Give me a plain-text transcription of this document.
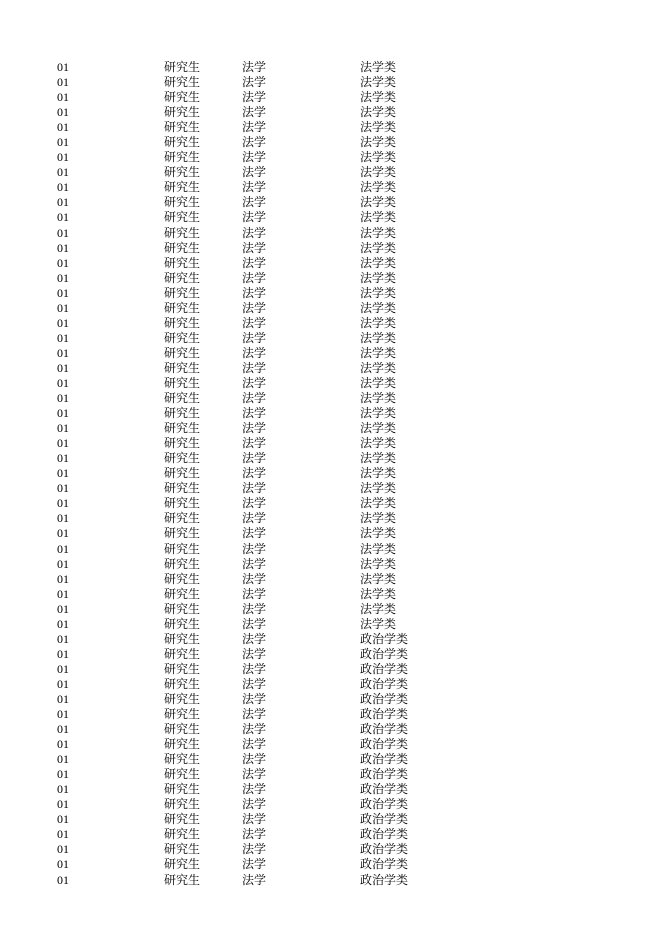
01	研究生	法学	法学类
01	研究生	法学	法学类
01	研究生	法学	法学类
01	研究生	法学	法学类
01	研究生	法学	法学类
01	研究生	法学	法学类
01	研究生	法学	法学类
01	研究生	法学	法学类
01	研究生	法学	法学类
01	研究生	法学	法学类
01	研究生	法学	法学类
01	研究生	法学	法学类
01	研究生	法学	法学类
01	研究生	法学	法学类
01	研究生	法学	法学类
01	研究生	法学	法学类
01	研究生	法学	法学类
01	研究生	法学	法学类
01	研究生	法学	法学类
01	研究生	法学	法学类
01	研究生	法学	法学类
01	研究生	法学	法学类
01	研究生	法学	法学类
01	研究生	法学	法学类
01	研究生	法学	法学类
01	研究生	法学	法学类
01	研究生	法学	法学类
01	研究生	法学	法学类
01	研究生	法学	法学类
01	研究生	法学	法学类
01	研究生	法学	法学类
01	研究生	法学	法学类
01	研究生	法学	法学类
01	研究生	法学	法学类
01	研究生	法学	法学类
01	研究生	法学	法学类
01	研究生	法学	法学类
01	研究生	法学	法学类
01	研究生	法学	政治学类
01	研究生	法学	政治学类
01	研究生	法学	政治学类
01	研究生	法学	政治学类
01	研究生	法学	政治学类
01	研究生	法学	政治学类
01	研究生	法学	政治学类
01	研究生	法学	政治学类
01	研究生	法学	政治学类
01	研究生	法学	政治学类
01	研究生	法学	政治学类
01	研究生	法学	政治学类
01	研究生	法学	政治学类
01	研究生	法学	政治学类
01	研究生	法学	政治学类
01	研究生	法学	政治学类
01	研究生	法学	政治学类
